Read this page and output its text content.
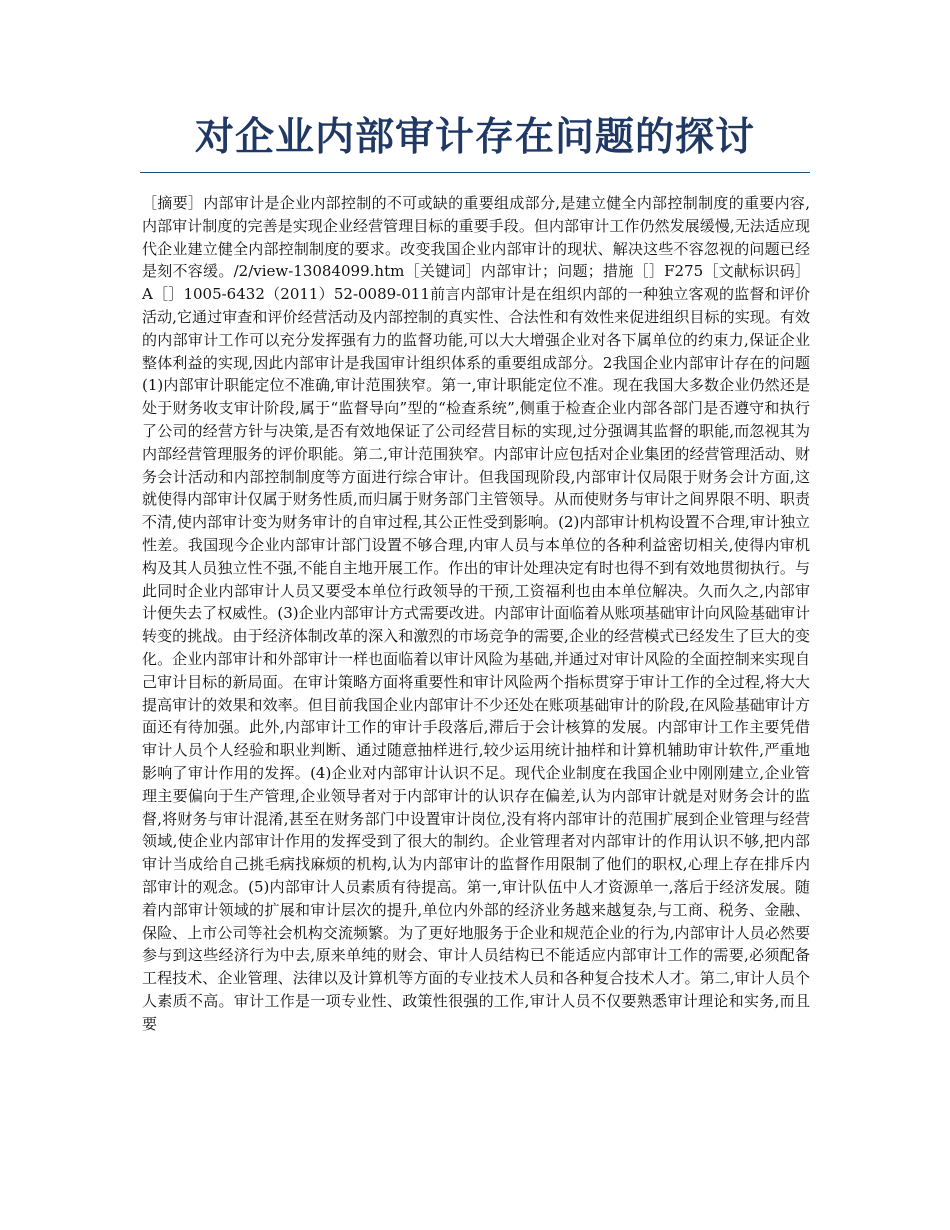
对企业内部审计存在问题的探讨

［摘要］内部审计是企业内部控制的不可或缺的重要组成部分,是建立健全内部控制制度的重要内容,内部审计制度的完善是实现企业经营管理目标的重要手段。但内部审计工作仍然发展缓慢,无法适应现代企业建立健全内部控制制度的要求。改变我国企业内部审计的现状、解决这些不容忽视的问题已经是刻不容缓。/2/view-13084099.htm［关键词］内部审计；问题；措施［］F275［文献标识码］A［］1005-6432（2011）52-0089-011前言内部审计是在组织内部的一种独立客观的监督和评价活动,它通过审查和评价经营活动及内部控制的真实性、合法性和有效性来促进组织目标的实现。有效的内部审计工作可以充分发挥强有力的监督功能,可以大大增强企业对各下属单位的约束力,保证企业整体利益的实现,因此内部审计是我国审计组织体系的重要组成部分。2我国企业内部审计存在的问题(1)内部审计职能定位不准确,审计范围狭窄。第一,审计职能定位不准。现在我国大多数企业仍然还是处于财务收支审计阶段,属于“监督导向”型的“检查系统”,侧重于检查企业内部各部门是否遵守和执行了公司的经营方针与决策,是否有效地保证了公司经营目标的实现,过分强调其监督的职能,而忽视其为内部经营管理服务的评价职能。第二,审计范围狭窄。内部审计应包括对企业集团的经营管理活动、财务会计活动和内部控制制度等方面进行综合审计。但我国现阶段,内部审计仅局限于财务会计方面,这就使得内部审计仅属于财务性质,而归属于财务部门主管领导。从而使财务与审计之间界限不明、职责不清,使内部审计变为财务审计的自审过程,其公正性受到影响。(2)内部审计机构设置不合理,审计独立性差。我国现今企业内部审计部门设置不够合理,内审人员与本单位的各种利益密切相关,使得内审机构及其人员独立性不强,不能自主地开展工作。作出的审计处理决定有时也得不到有效地贯彻执行。与此同时企业内部审计人员又要受本单位行政领导的干预,工资福利也由本单位解决。久而久之,内部审计便失去了权威性。(3)企业内部审计方式需要改进。内部审计面临着从账项基础审计向风险基础审计转变的挑战。由于经济体制改革的深入和激烈的市场竞争的需要,企业的经营模式已经发生了巨大的变化。企业内部审计和外部审计一样也面临着以审计风险为基础,并通过对审计风险的全面控制来实现自己审计目标的新局面。在审计策略方面将重要性和审计风险两个指标贯穿于审计工作的全过程,将大大提高审计的效果和效率。但目前我国企业内部审计不少还处在账项基础审计的阶段,在风险基础审计方面还有待加强。此外,内部审计工作的审计手段落后,滞后于会计核算的发展。内部审计工作主要凭借审计人员个人经验和职业判断、通过随意抽样进行,较少运用统计抽样和计算机辅助审计软件,严重地影响了审计作用的发挥。(4)企业对内部审计认识不足。现代企业制度在我国企业中刚刚建立,企业管理主要偏向于生产管理,企业领导者对于内部审计的认识存在偏差,认为内部审计就是对财务会计的监督,将财务与审计混淆,甚至在财务部门中设置审计岗位,没有将内部审计的范围扩展到企业管理与经营领域,使企业内部审计作用的发挥受到了很大的制约。企业管理者对内部审计的作用认识不够,把内部审计当成给自己挑毛病找麻烦的机构,认为内部审计的监督作用限制了他们的职权,心理上存在排斥内部审计的观念。(5)内部审计人员素质有待提高。第一,审计队伍中人才资源单一,落后于经济发展。随着内部审计领域的扩展和审计层次的提升,单位内外部的经济业务越来越复杂,与工商、税务、金融、保险、上市公司等社会机构交流频繁。为了更好地服务于企业和规范企业的行为,内部审计人员必然要参与到这些经济行为中去,原来单纯的财会、审计人员结构已不能适应内部审计工作的需要,必须配备工程技术、企业管理、法律以及计算机等方面的专业技术人员和各种复合技术人才。第二,审计人员个人素质不高。审计工作是一项专业性、政策性很强的工作,审计人员不仅要熟悉审计理论和实务,而且要
